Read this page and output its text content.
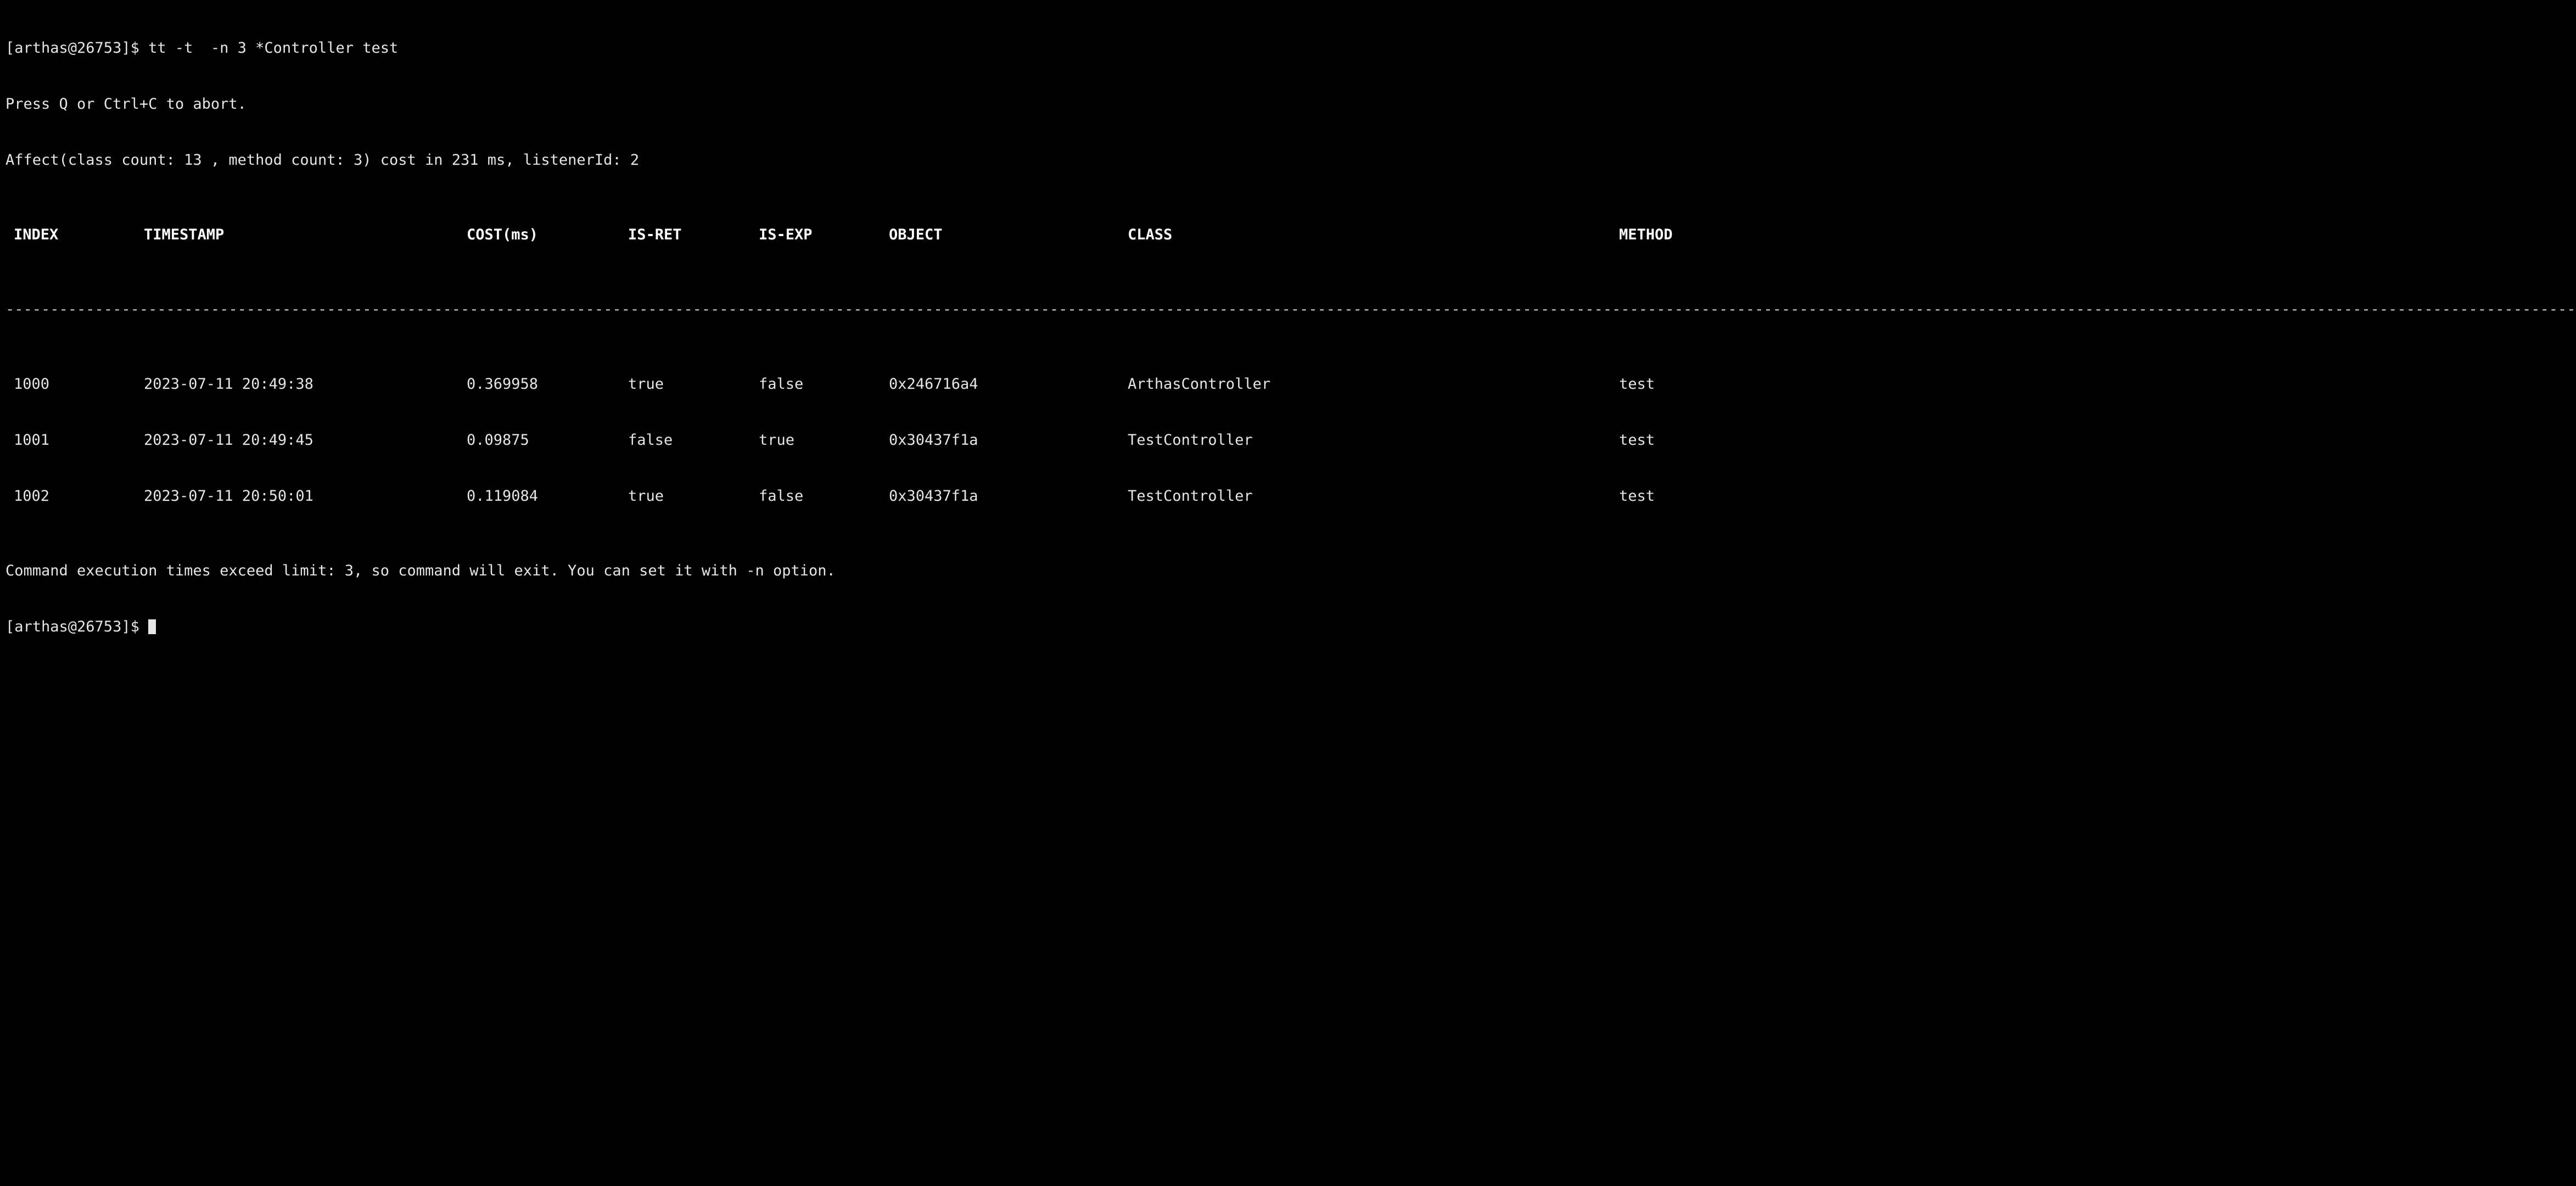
[arthas@26753]$ tt -t  -n 3 *Controller test

Press Q or Ctrl+C to abort.

Affect(class count: 13 , method count: 3) cost in 231 ms, listenerId: 2

INDEX

	TIMESTAMP

	COST(ms)

	IS-RET

	IS-EXP

	OBJECT

	CLASS

	METHOD

------------------------------------------------------------------------------------------------------------------------------------------------------------------------------------------------------------------------------------------------------------------------------------------------

1000

	2023-07-11 20:49:38

	0.369958

	true

	false

	0x246716a4

	ArthasController

	test

1001

	2023-07-11 20:49:45

	0.09875

	false

	true

	0x30437f1a

	TestController

	test

1002

	2023-07-11 20:50:01

	0.119084

	true

	false

	0x30437f1a

	TestController

	test

Command execution times exceed limit: 3, so command will exit. You can set it with -n option.

[arthas@26753]$
